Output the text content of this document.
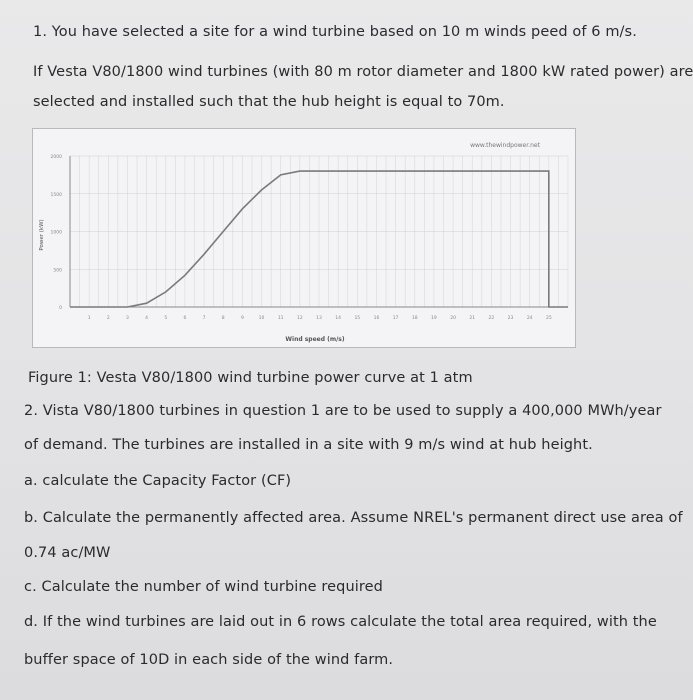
1. You have selected a site for a wind turbine based on 10 m winds peed of 6 m/s.
If Vesta V80/1800 wind turbines (with 80 m rotor diameter and 1800 kW rated power) are
selected and installed such that the hub height is equal to 70m.
0
500
1000
1500
2000
1	2	3	4	5	6	7	8	9	10	11	12	13	14	15	16	17	18	19	20	21	22	23	24	25
www.thewindpower.net
Wind speed (m/s)
Power (kW)
Figure 1: Vesta V80/1800 wind turbine power curve at 1 atm
2. Vista V80/1800 turbines in question 1 are to be used to supply a 400,000 MWh/year
of demand. The turbines are installed in a site with 9 m/s wind at hub height.
a. calculate the Capacity Factor (CF)
b. Calculate the permanently affected area. Assume NREL's permanent direct use area of
0.74 ac/MW
c. Calculate the number of wind turbine required
d. If the wind turbines are laid out in 6 rows calculate the total area required, with the
buffer space of 10D in each side of the wind farm.
